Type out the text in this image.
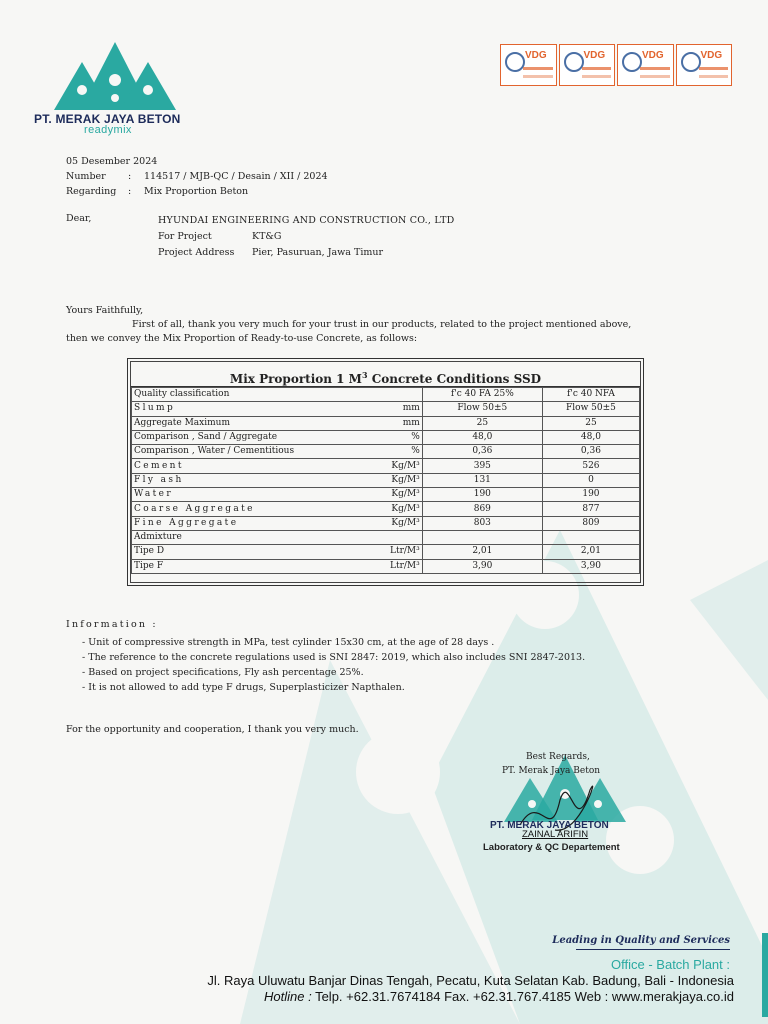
PT. MERAK JAYA BETON
readymix
VDG	VDG	VDG	VDG
05 Desember 2024
Number	:	114517 / MJB-QC / Desain / XII / 2024
Regarding	:	Mix Proportion Beton
Dear,	HYUNDAI ENGINEERING AND CONSTRUCTION CO., LTD
For Project	KT&G
Project Address Pier, Pasuruan, Jawa Timur
Yours Faithfully,
First of all, thank you very much for your trust in our products, related to the project mentioned above,
then we convey the Mix Proportion of Ready-to-use Concrete, as follows:
Mix Proportion 1 $M^3$ Concrete Conditions SSD
Quality classification		f'c 40 FA 25%	f'c 40 NFA
Slump	mm	Flow 50±5	Flow 50±5
Aggregate Maximum	mm	25	25
Comparison , Sand / Aggregate	%	48,0	48,0
Comparison , Water / Cementitious	%	0,36	0,36
Cement	Kg/M³	395	526
Fly ash	Kg/M³	131	0
Water	Kg/M³	190	190
Coarse Aggregate	Kg/M³	869	877
Fine Aggregate	Kg/M³	803	809
Admixture			
Tipe D	Ltr/M³	2,01	2,01
Tipe F	Ltr/M³	3,90	3,90
Information :
- Unit of compressive strength in MPa, test cylinder 15x30 cm, at the age of 28 days .
- The reference to the concrete regulations used is SNI 2847: 2019, which also includes SNI 2847-2013.
- Based on project specifications, Fly ash percentage 25%.
- It is not allowed to add type F drugs, Superplasticizer Napthalen.
For the opportunity and cooperation, I thank you very much.
PT. MERAK JAYA BETON
Best Regards,
PT. Merak Jaya Beton
ZAINAL ARIFIN
Laboratory & QC Departement
Leading in Quality and Services
Office - Batch Plant :
Jl. Raya Uluwatu Banjar Dinas Tengah, Pecatu, Kuta Selatan Kab. Badung, Bali - Indonesia
Hotline : Telp. +62.31.7674184 Fax. +62.31.767.4185 Web : www.merakjaya.co.id
